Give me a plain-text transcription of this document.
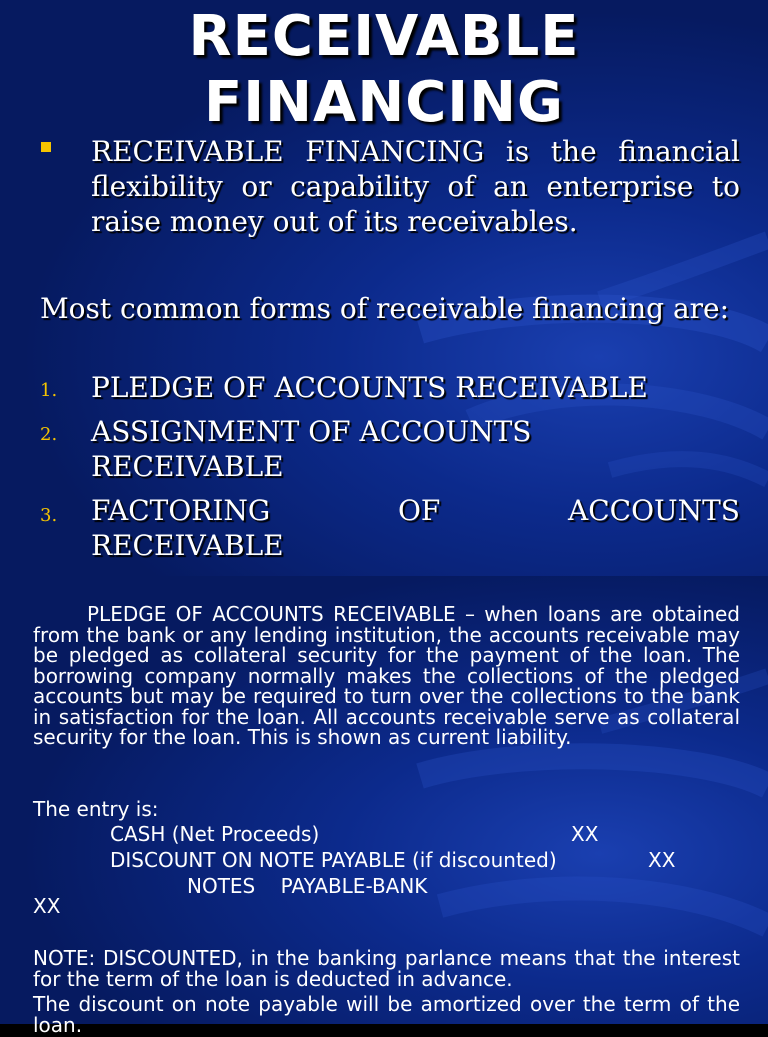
RECEIVABLE
FINANCING
RECEIVABLE FINANCING is the financial flexibility or capability of an enterprise to raise money out of its receivables.
Most common forms of receivable financing are:
1. PLEDGE OF ACCOUNTS RECEIVABLE
2. ASSIGNMENT OF ACCOUNTS RECEIVABLE
3. FACTORING OF ACCOUNTS RECEIVABLE
PLEDGE OF ACCOUNTS RECEIVABLE – when loans are obtained from the bank or any lending institution, the accounts receivable may be pledged as collateral security for the payment of the loan. The borrowing company normally makes the collections of the pledged accounts but may be required to turn over the collections to the bank in satisfaction for the loan. All accounts receivable serve as collateral security for the loan. This is shown as current liability.
The entry is:
CASH (Net Proceeds)	XX
DISCOUNT ON NOTE PAYABLE (if discounted)	XX
NOTES    PAYABLE-BANK
XX
NOTE: DISCOUNTED, in the banking parlance means that the interest for the term of the loan is deducted in advance.
The discount on note payable will be amortized over the term of the loan.
